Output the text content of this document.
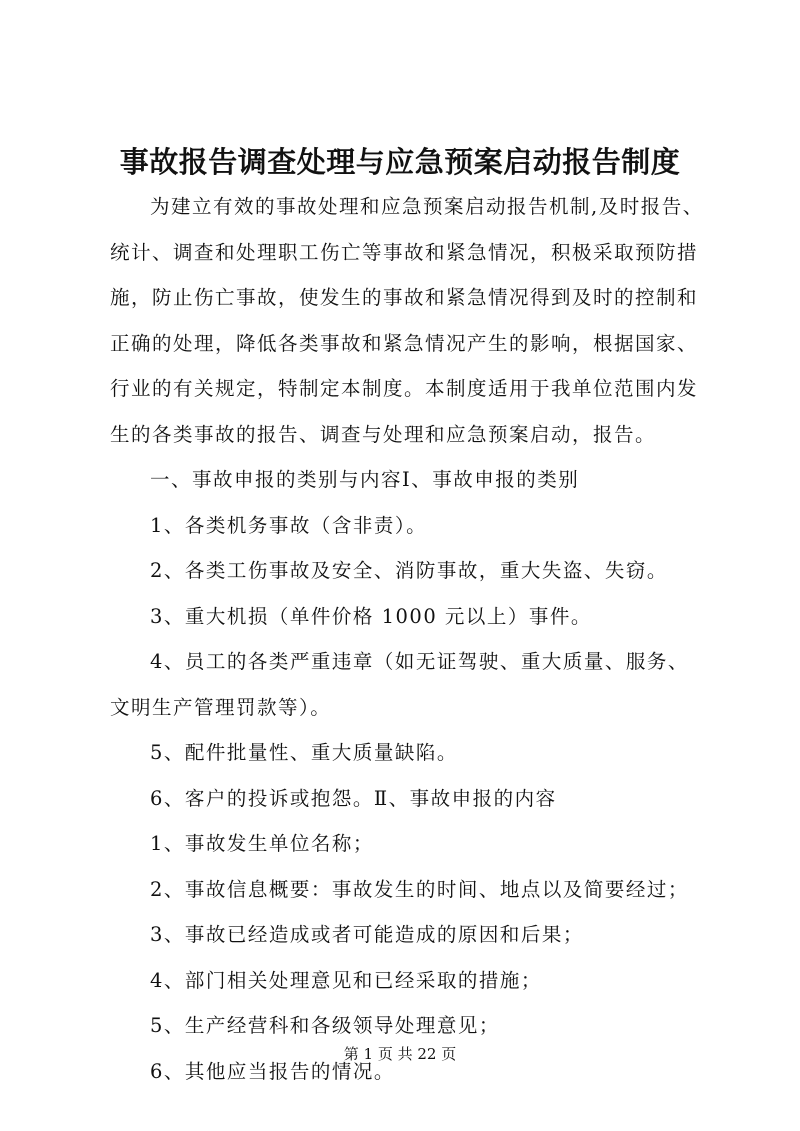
事故报告调查处理与应急预案启动报告制度

为建立有效的事故处理和应急预案启动报告机制,及时报告、

统计、调查和处理职工伤亡等事故和紧急情况，积极采取预防措

施，防止伤亡事故，使发生的事故和紧急情况得到及时的控制和

正确的处理，降低各类事故和紧急情况产生的影响，根据国家、

行业的有关规定，特制定本制度。本制度适用于我单位范围内发

生的各类事故的报告、调查与处理和应急预案启动，报告。

一、事故申报的类别与内容Ⅰ、事故申报的类别

1、各类机务事故（含非责）。

2、各类工伤事故及安全、消防事故，重大失盗、失窃。

3、重大机损（单件价格 1000 元以上）事件。

4、员工的各类严重违章（如无证驾驶、重大质量、服务、

文明生产管理罚款等）。

5、配件批量性、重大质量缺陷。

6、客户的投诉或抱怨。Ⅱ、事故申报的内容

1、事故发生单位名称；

2、事故信息概要：事故发生的时间、地点以及简要经过；

3、事故已经造成或者可能造成的原因和后果；

4、部门相关处理意见和已经采取的措施；

5、生产经营科和各级领导处理意见；

6、其他应当报告的情况。

第 1 页 共 22 页
